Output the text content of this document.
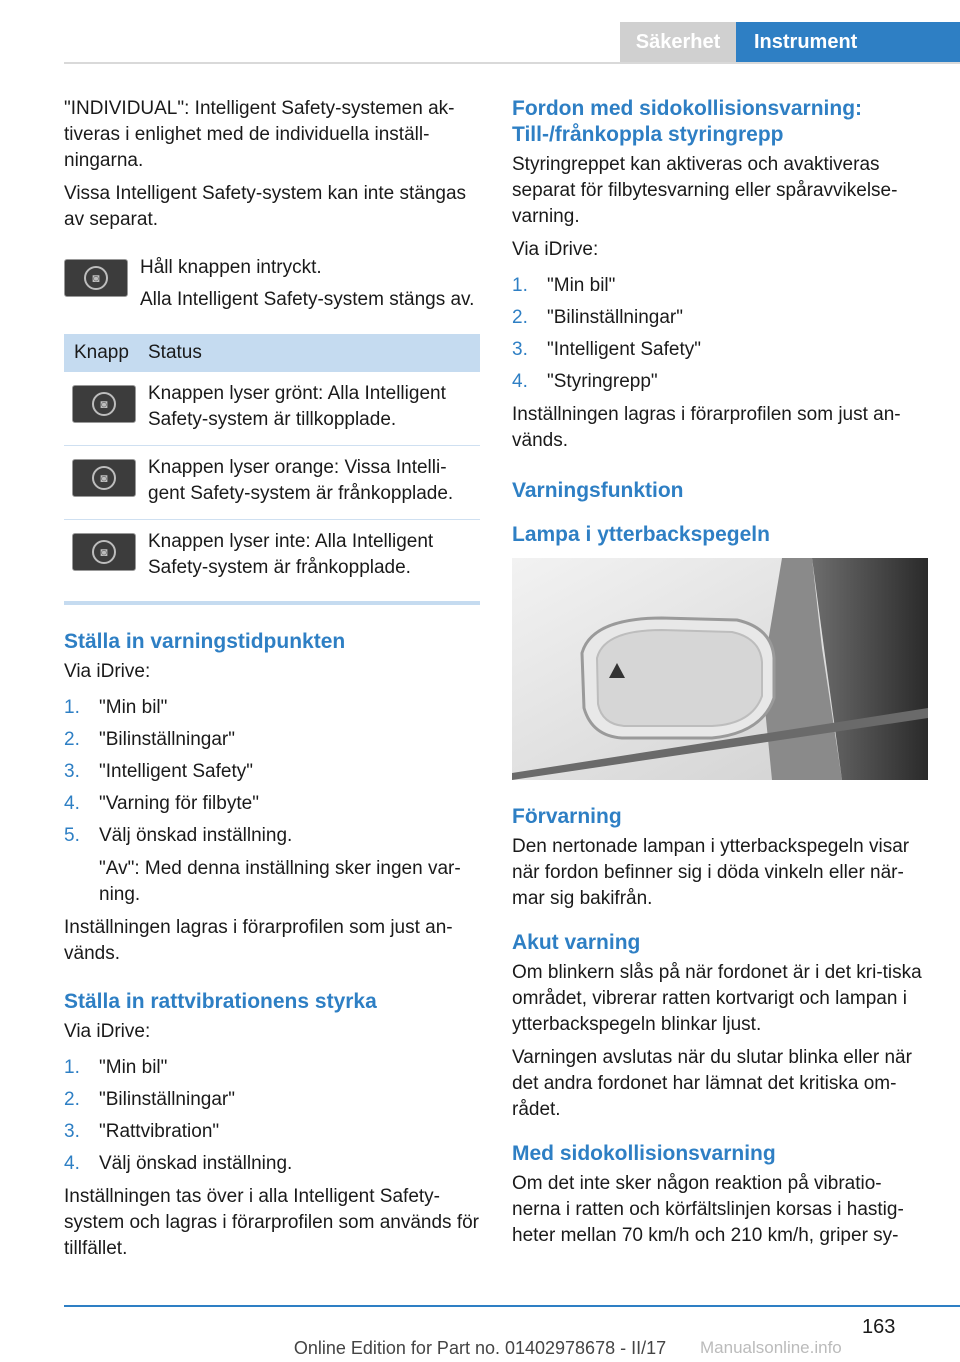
Säkerhet	Instrument

"INDIVIDUAL": Intelligent Safety-systemen ak-tiveras i enlighet med de individuella inställ-ningarna.

Vissa Intelligent Safety-system kan inte stängas av separat.

◙	Håll knappen intryckt.

Alla Intelligent Safety-system stängs av.

Knapp	Status
◙	Knappen lyser grönt: Alla Intelligent Safety-system är tillkopplade.
◙	Knappen lyser orange: Vissa Intelli-gent Safety-system är frånkopplade.
◙	Knappen lyser inte: Alla Intelligent Safety-system är frånkopplade.
Ställa in varningstidpunkten

Via iDrive:

1.	"Min bil"
2.	"Bilinställningar"
3.	"Intelligent Safety"
4.	"Varning för filbyte"
5.	Välj önskad inställning.

"Av": Med denna inställning sker ingen var-ning.

Inställningen lagras i förarprofilen som just an-vänds.

Ställa in rattvibrationens styrka

Via iDrive:

1.	"Min bil"
2.	"Bilinställningar"
3.	"Rattvibration"
4.	Välj önskad inställning.

Inställningen tas över i alla Intelligent Safety-system och lagras i förarprofilen som används för tillfället.

Fordon med sidokollisionsvarning: Till-/frånkoppla styringrepp

Styringreppet kan aktiveras och avaktiveras separat för filbytesvarning eller spåravvikelse-varning.

Via iDrive:

1.	"Min bil"
2.	"Bilinställningar"
3.	"Intelligent Safety"
4.	"Styringrepp"

Inställningen lagras i förarprofilen som just an-vänds.

Varningsfunktion
Lampa i ytterbackspegeln
Förvarning

Den nertonade lampan i ytterbackspegeln visar när fordon befinner sig i döda vinkeln eller när-mar sig bakifrån.

Akut varning

Om blinkern slås på när fordonet är i det kri-tiska området, vibrerar ratten kortvarigt och lampan i ytterbackspegeln blinkar ljust.

Varningen avslutas när du slutar blinka eller när det andra fordonet har lämnat det kritiska om-rådet.

Med sidokollisionsvarning

Om det inte sker någon reaktion på vibratio-nerna i ratten och körfältslinjen korsas i hastig-heter mellan 70 km/h och 210 km/h, griper sy-

163
Online Edition for Part no. 01402978678 - II/17	Manualsonline.info
